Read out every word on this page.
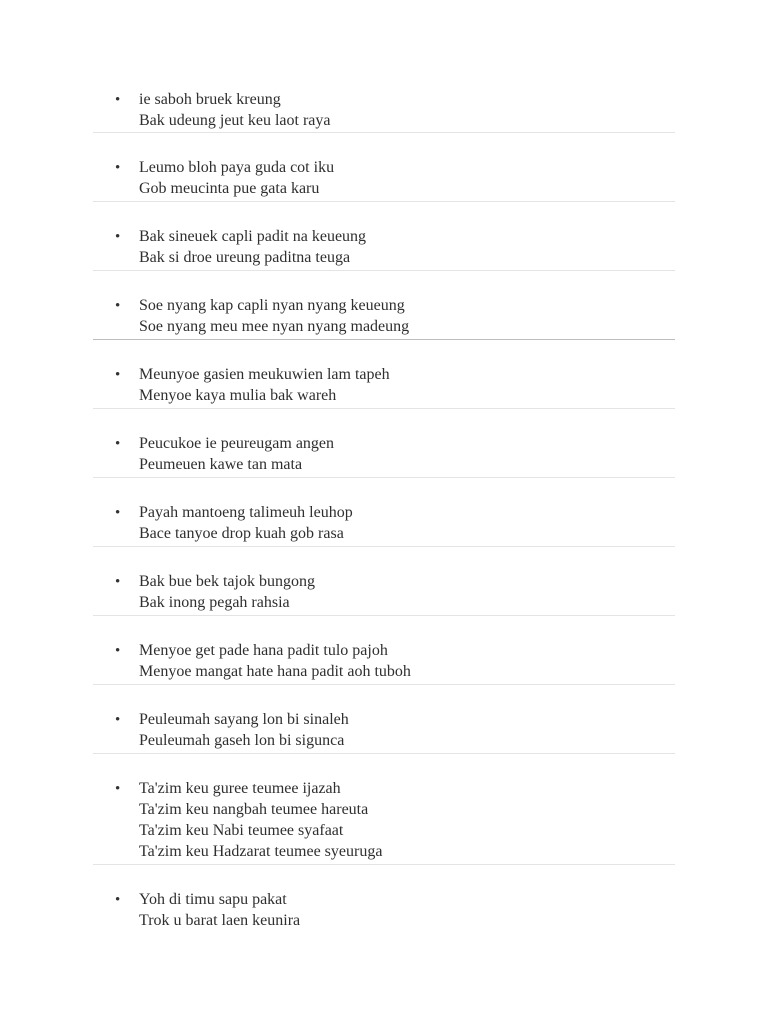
• ie saboh bruek kreung
Bak udeung jeut keu laot raya
• Leumo bloh paya guda cot iku
Gob meucinta pue gata karu
• Bak sineuek capli padit na keueung
Bak si droe ureung paditna teuga
• Soe nyang kap capli nyan nyang keueung
Soe nyang meu mee nyan nyang madeung
• Meunyoe gasien meukuwien lam tapeh
Menyoe kaya mulia bak wareh
• Peucukoe ie peureugam angen
Peumeuen kawe tan mata
• Payah mantoeng talimeuh leuhop
Bace tanyoe drop kuah gob rasa
• Bak bue bek tajok bungong
Bak inong pegah rahsia
• Menyoe get pade hana padit tulo pajoh
Menyoe mangat hate hana padit aoh tuboh
• Peuleumah sayang lon bi sinaleh
Peuleumah gaseh lon bi sigunca
• Ta'zim keu guree teumee ijazah
Ta'zim keu nangbah teumee hareuta
Ta'zim keu Nabi teumee syafaat
Ta'zim keu Hadzarat teumee syeuruga
• Yoh di timu sapu pakat
Trok u barat laen keunira
